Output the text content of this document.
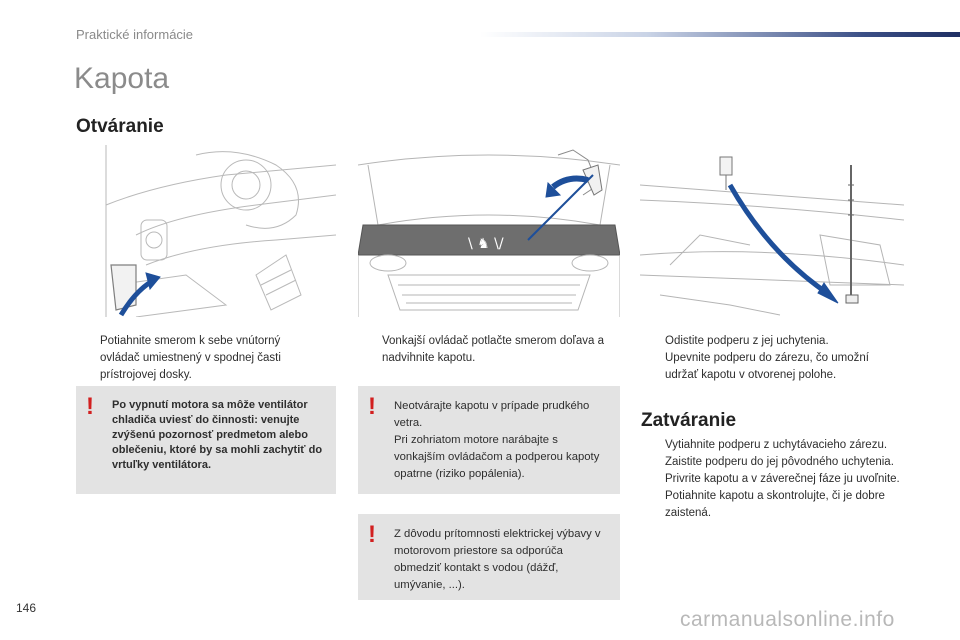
Praktické informácie
Kapota
Otváranie
\ ♞ \/

Potiahnite smerom k sebe vnútorný ovládač umiestnený v spodnej časti prístrojovej dosky.

Vonkajší ovládač potlačte smerom doľava a nadvihnite kapotu.

Odistite podperu z jej uchytenia.

Upevnite podperu do zárezu, čo umožní udržať kapotu v otvorenej polohe.

! Po vypnutí motora sa môže ventilátor chladiča uviesť do činnosti: venujte zvýšenú pozornosť predmetom alebo oblečeniu, ktoré by sa mohli zachytiť do vrtuľky ventilátora.
! Neotvárajte kapotu v prípade prudkého vetra.
Pri zohriatom motore narábajte s vonkajším ovládačom a podperou kapoty opatrne (riziko popálenia).
! Z dôvodu prítomnosti elektrickej výbavy v motorovom priestore sa odporúča obmedziť kontakt s vodou (dážď, umývanie, ...).
Zatváranie

Vytiahnite podperu z uchytávacieho zárezu.

Zaistite podperu do jej pôvodného uchytenia.

Privrite kapotu a v záverečnej fáze ju uvoľnite.

Potiahnite kapotu a skontrolujte, či je dobre zaistená.

146	carmanualsonline.info
